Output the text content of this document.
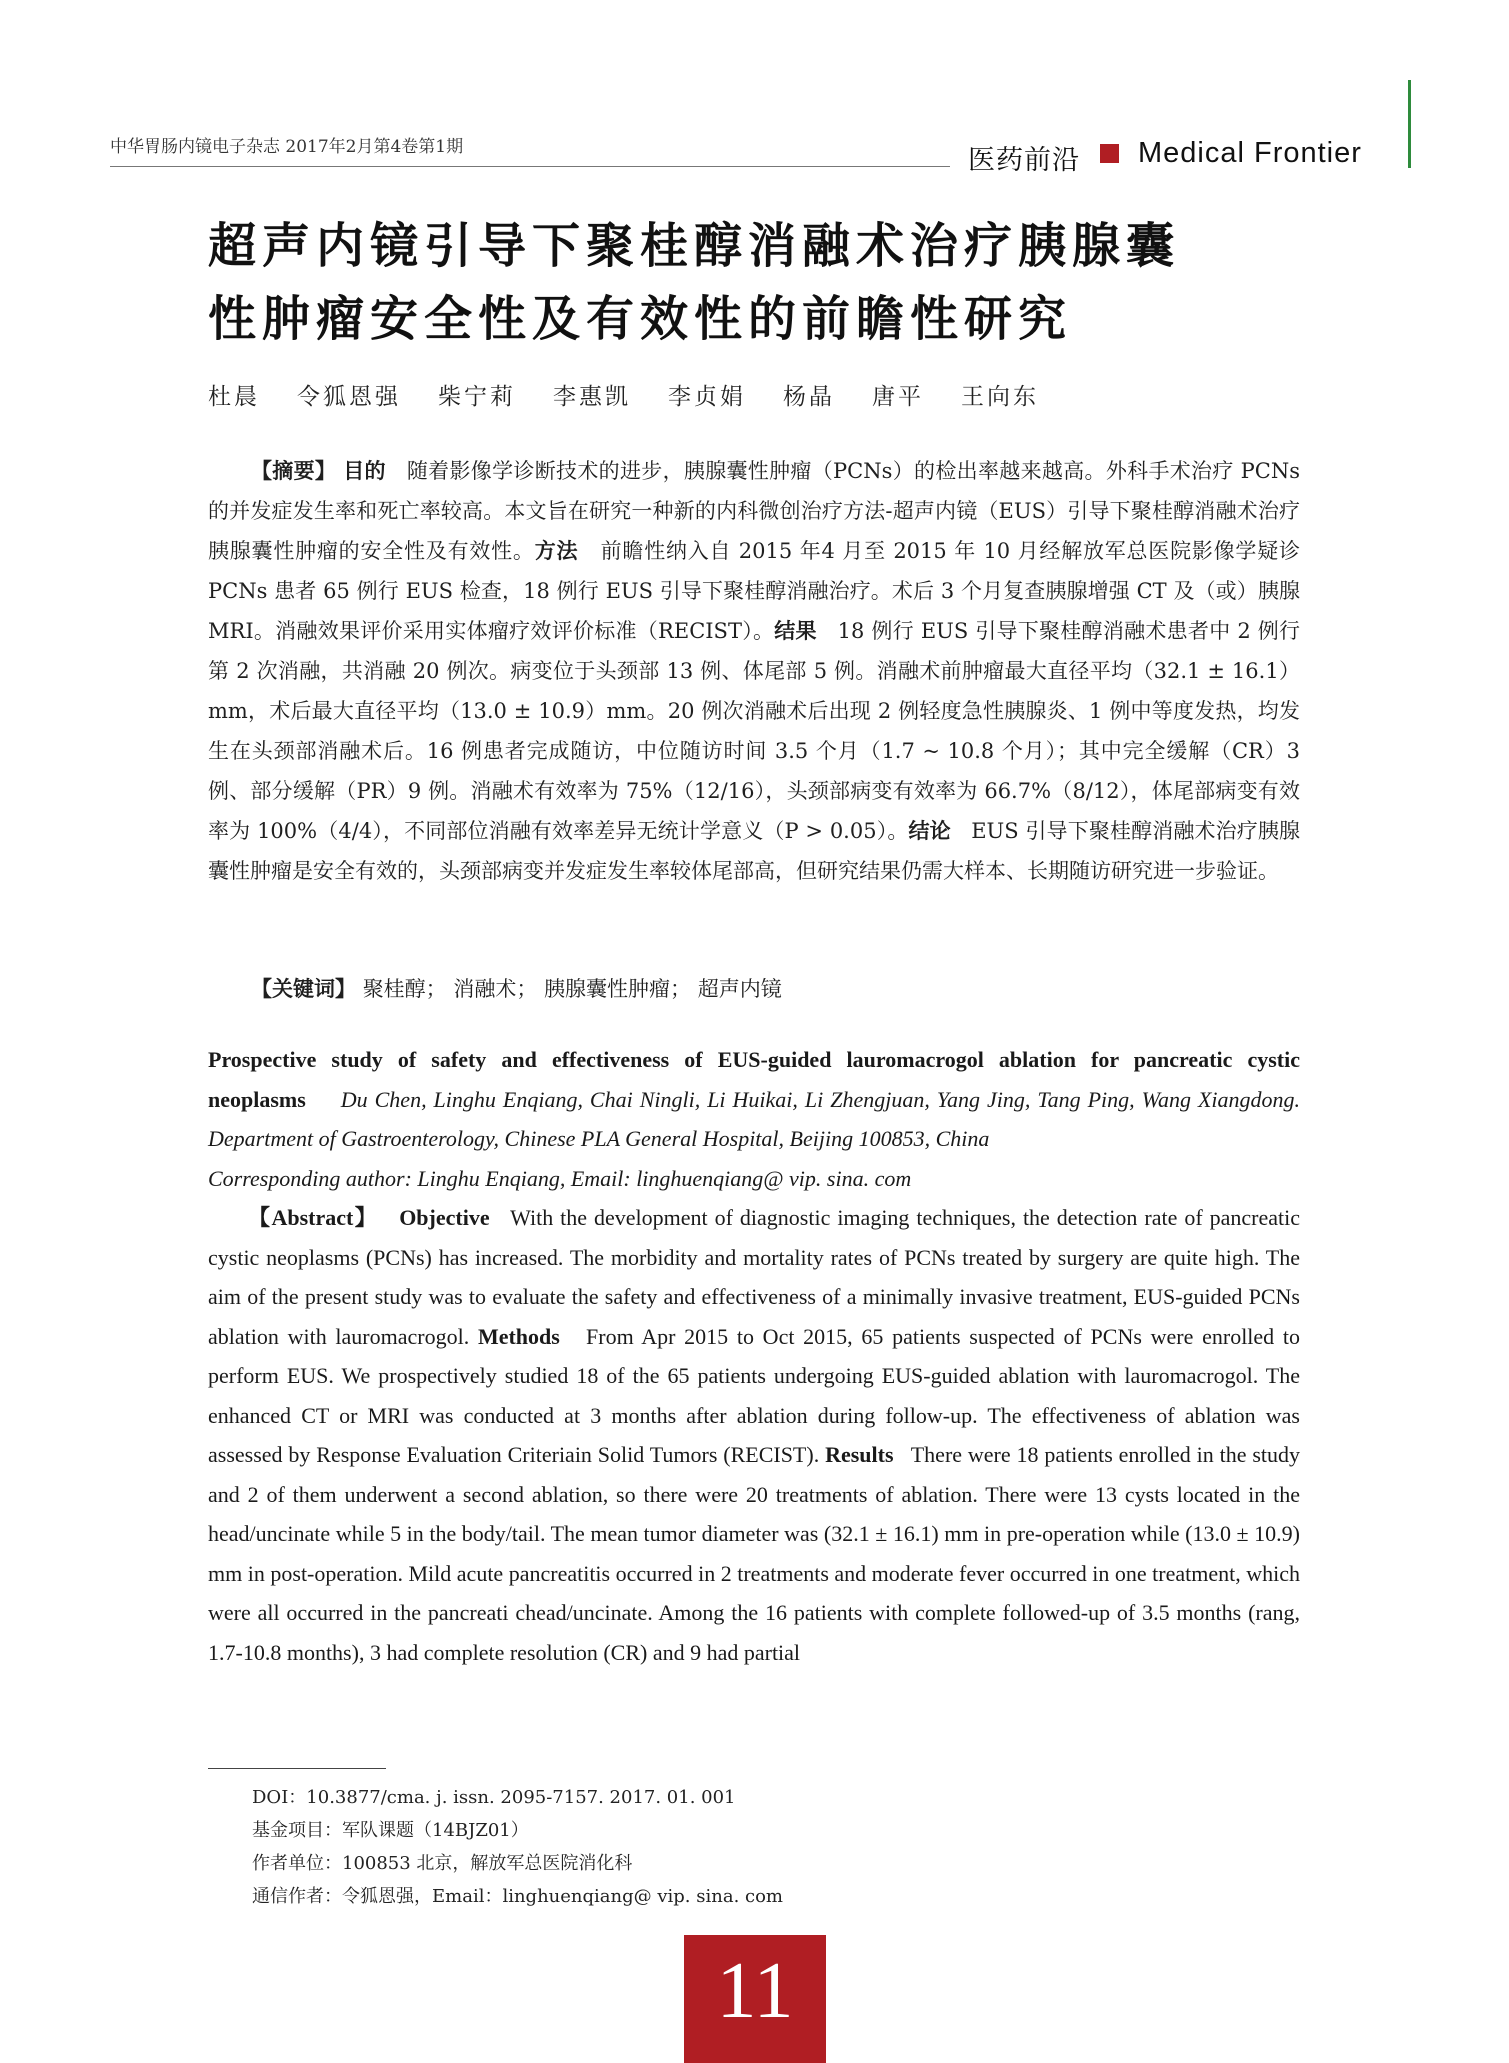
中华胃肠内镜电子杂志 2017年2月第4卷第1期	医药前沿 Medical Frontier
超声内镜引导下聚桂醇消融术治疗胰腺囊
性肿瘤安全性及有效性的前瞻性研究
杜晨 令狐恩强 柴宁莉 李惠凯 李贞娟 杨晶 唐平 王向东
【摘要】 目的 随着影像学诊断技术的进步，胰腺囊性肿瘤（PCNs）的检出率越来越高。外科手术治疗 PCNs 的并发症发生率和死亡率较高。本文旨在研究一种新的内科微创治疗方法-超声内镜（EUS）引导下聚桂醇消融术治疗胰腺囊性肿瘤的安全性及有效性。方法 前瞻性纳入自 2015 年4 月至 2015 年 10 月经解放军总医院影像学疑诊 PCNs 患者 65 例行 EUS 检查，18 例行 EUS 引导下聚桂醇消融治疗。术后 3 个月复查胰腺增强 CT 及（或）胰腺 MRI。消融效果评价采用实体瘤疗效评价标准（RECIST）。结果 18 例行 EUS 引导下聚桂醇消融术患者中 2 例行第 2 次消融，共消融 20 例次。病变位于头颈部 13 例、体尾部 5 例。消融术前肿瘤最大直径平均（32.1 ± 16.1）mm，术后最大直径平均（13.0 ± 10.9）mm。20 例次消融术后出现 2 例轻度急性胰腺炎、1 例中等度发热，均发生在头颈部消融术后。16 例患者完成随访，中位随访时间 3.5 个月（1.7 ~ 10.8 个月）；其中完全缓解（CR）3 例、部分缓解（PR）9 例。消融术有效率为 75%（12/16），头颈部病变有效率为 66.7%（8/12），体尾部病变有效率为 100%（4/4），不同部位消融有效率差异无统计学意义（P > 0.05）。结论 EUS 引导下聚桂醇消融术治疗胰腺囊性肿瘤是安全有效的，头颈部病变并发症发生率较体尾部高，但研究结果仍需大样本、长期随访研究进一步验证。
【关键词】 聚桂醇； 消融术； 胰腺囊性肿瘤； 超声内镜
Prospective study of safety and effectiveness of EUS-guided lauromacrogol ablation for pancreatic cystic neoplasms Du Chen, Linghu Enqiang, Chai Ningli, Li Huikai, Li Zhengjuan, Yang Jing, Tang Ping, Wang Xiangdong. Department of Gastroenterology, Chinese PLA General Hospital, Beijing 100853, China
Corresponding author: Linghu Enqiang, Email: linghuenqiang@ vip. sina. com
【Abstract】 Objective With the development of diagnostic imaging techniques, the detection rate of pancreatic cystic neoplasms (PCNs) has increased. The morbidity and mortality rates of PCNs treated by surgery are quite high. The aim of the present study was to evaluate the safety and effectiveness of a minimally invasive treatment, EUS-guided PCNs ablation with lauromacrogol. Methods From Apr 2015 to Oct 2015, 65 patients suspected of PCNs were enrolled to perform EUS. We prospectively studied 18 of the 65 patients undergoing EUS-guided ablation with lauromacrogol. The enhanced CT or MRI was conducted at 3 months after ablation during follow-up. The effectiveness of ablation was assessed by Response Evaluation Criteriain Solid Tumors (RECIST). Results There were 18 patients enrolled in the study and 2 of them underwent a second ablation, so there were 20 treatments of ablation. There were 13 cysts located in the head/uncinate while 5 in the body/tail. The mean tumor diameter was (32.1 ± 16.1) mm in pre-operation while (13.0 ± 10.9) mm in post-operation. Mild acute pancreatitis occurred in 2 treatments and moderate fever occurred in one treatment, which were all occurred in the pancreati chead/uncinate. Among the 16 patients with complete followed-up of 3.5 months (rang, 1.7-10.8 months), 3 had complete resolution (CR) and 9 had partial
DOI：10.3877/cma. j. issn. 2095-7157. 2017. 01. 001
基金项目：军队课题（14BJZ01）
作者单位：100853 北京，解放军总医院消化科
通信作者：令狐恩强，Email：linghuenqiang@ vip. sina. com
11
